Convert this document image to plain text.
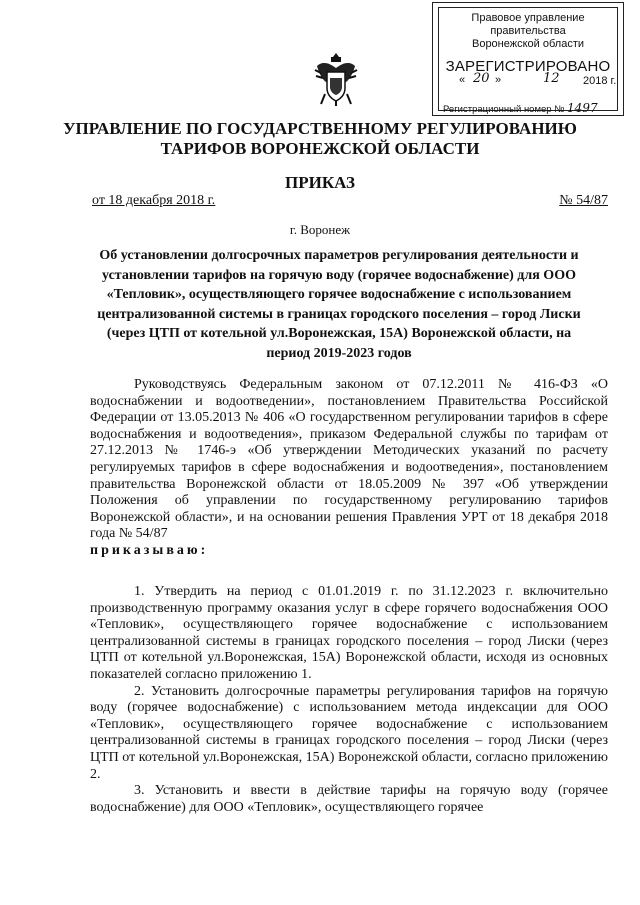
Правовое управление правительства
Воронежской области
ЗАРЕГИСТРИРОВАНО
« 20 »	12 2018 г.
Регистрационный номер № 1497
УПРАВЛЕНИЕ ПО ГОСУДАРСТВЕННОМУ РЕГУЛИРОВАНИЮ
ТАРИФОВ ВОРОНЕЖСКОЙ ОБЛАСТИ
ПРИКАЗ
от 18 декабря 2018 г.	№ 54/87
г. Воронеж
Об установлении долгосрочных параметров регулирования деятельности и установлении тарифов на горячую воду (горячее водоснабжение) для ООО «Тепловик», осуществляющего горячее водоснабжение с использованием централизованной системы в границах городского поселения – город Лиски (через ЦТП от котельной ул.Воронежская, 15А) Воронежской области, на период 2019-2023 годов

Руководствуясь Федеральным законом от 07.12.2011 № 416-ФЗ «О водоснабжении и водоотведении», постановлением Правительства Российской Федерации от 13.05.2013 № 406 «О государственном регулировании тарифов в сфере водоснабжения и водоотведения», приказом Федеральной службы по тарифам от 27.12.2013 № 1746-э «Об утверждении Методических указаний по расчету регулируемых тарифов в сфере водоснабжения и водоотведения», постановлением правительства Воронежской области от 18.05.2009 № 397 «Об утверждении Положения об управлении по государственному регулированию тарифов Воронежской области», и на основании решения Правления УРТ от 18 декабря 2018 года № 54/87

приказываю:

1. Утвердить на период с 01.01.2019 г. по 31.12.2023 г. включительно производственную программу оказания услуг в сфере горячего водоснабжения ООО «Тепловик», осуществляющего горячее водоснабжение с использованием централизованной системы в границах городского поселения – город Лиски (через ЦТП от котельной ул.Воронежская, 15А) Воронежской области, исходя из основных показателей согласно приложению 1.

2. Установить долгосрочные параметры регулирования тарифов на горячую воду (горячее водоснабжение) с использованием метода индексации для ООО «Тепловик», осуществляющего горячее водоснабжение с использованием централизованной системы в границах городского поселения – город Лиски (через ЦТП от котельной ул.Воронежская, 15А) Воронежской области, согласно приложению 2.

3. Установить и ввести в действие тарифы на горячую воду (горячее водоснабжение) для ООО «Тепловик», осуществляющего горячее
